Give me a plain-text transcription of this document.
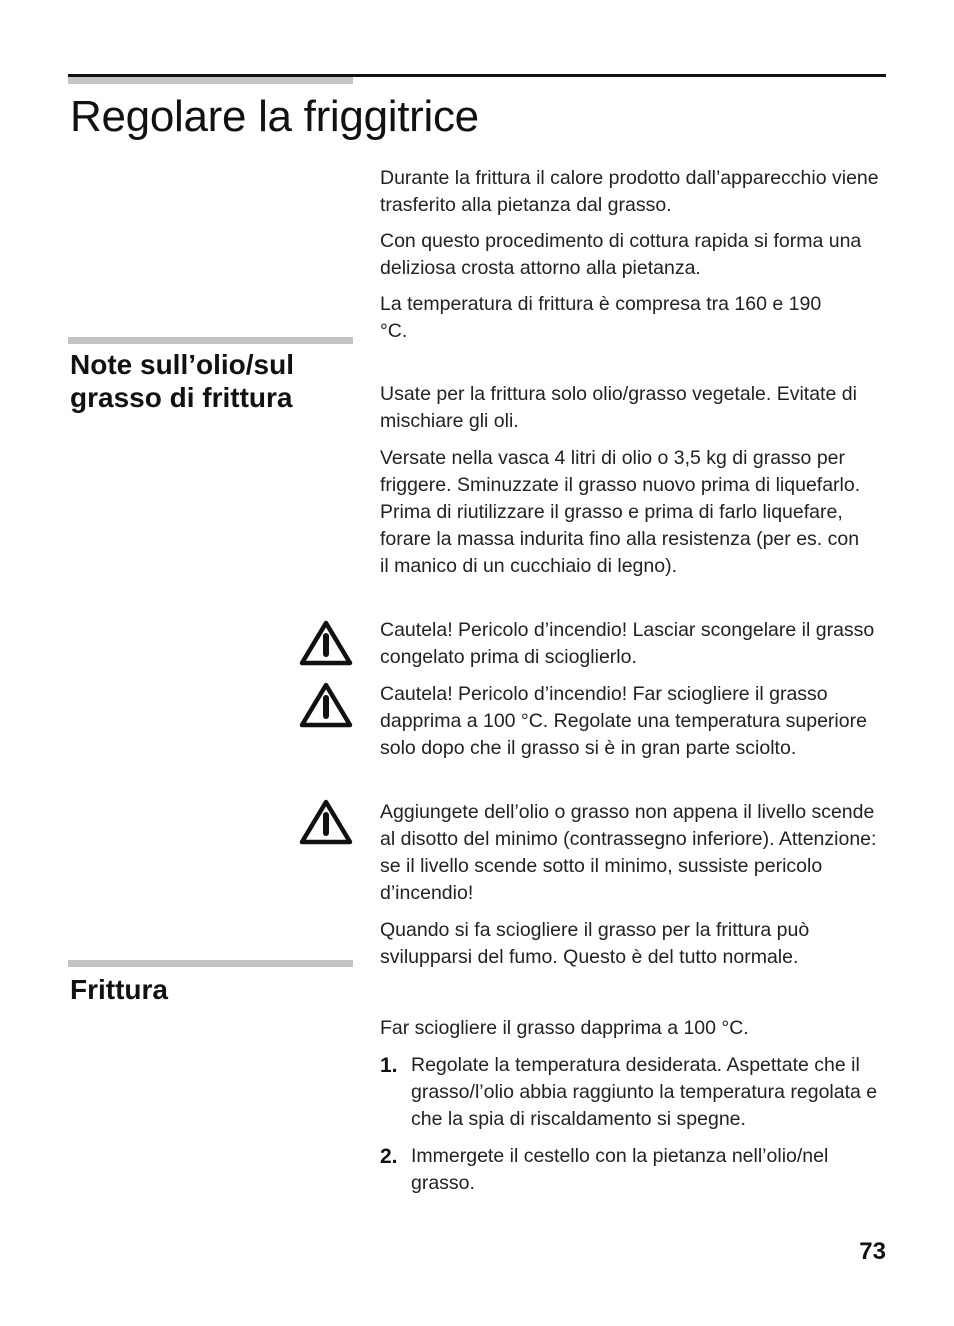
Regolare la friggitrice

Durante la frittura il calore prodotto dall’apparecchio viene trasferito alla pietanza dal grasso.

Con questo procedimento di cottura rapida si forma una deliziosa crosta attorno alla pietanza.

La temperatura di frittura è compresa tra 160 e 190 °C.

Note sull’olio/sul grasso di frittura	Usate per la frittura solo olio/grasso vegetale. Evitate di mischiare gli oli.

Versate nella vasca 4 litri di olio o 3,5 kg di grasso per friggere. Sminuzzate il grasso nuovo prima di liquefarlo. Prima di riutilizzare il grasso e prima di farlo liquefare, forare la massa indurita fino alla resistenza (per es. con il manico di un cucchiaio di legno).

Cautela! Pericolo d’incendio! Lasciar scongelare il grasso congelato prima di scioglierlo.

Cautela! Pericolo d’incendio! Far sciogliere il grasso dapprima a 100 °C. Regolate una temperatura superiore solo dopo che il grasso si è in gran parte sciolto.

Aggiungete dell’olio o grasso non appena il livello scende al disotto del minimo (contrassegno inferiore). Attenzione: se il livello scende sotto il minimo, sussiste pericolo d’incendio!

Quando si fa sciogliere il grasso per la frittura può svilupparsi del fumo. Questo è del tutto normale.

Frittura

Far sciogliere il grasso dapprima a 100 °C.

1. Regolate la temperatura desiderata. Aspettate che il grasso/l’olio abbia raggiunto la temperatura regolata e che la spia di riscaldamento si spegne.

2. Immergete il cestello con la pietanza nell’olio/nel grasso.

73
